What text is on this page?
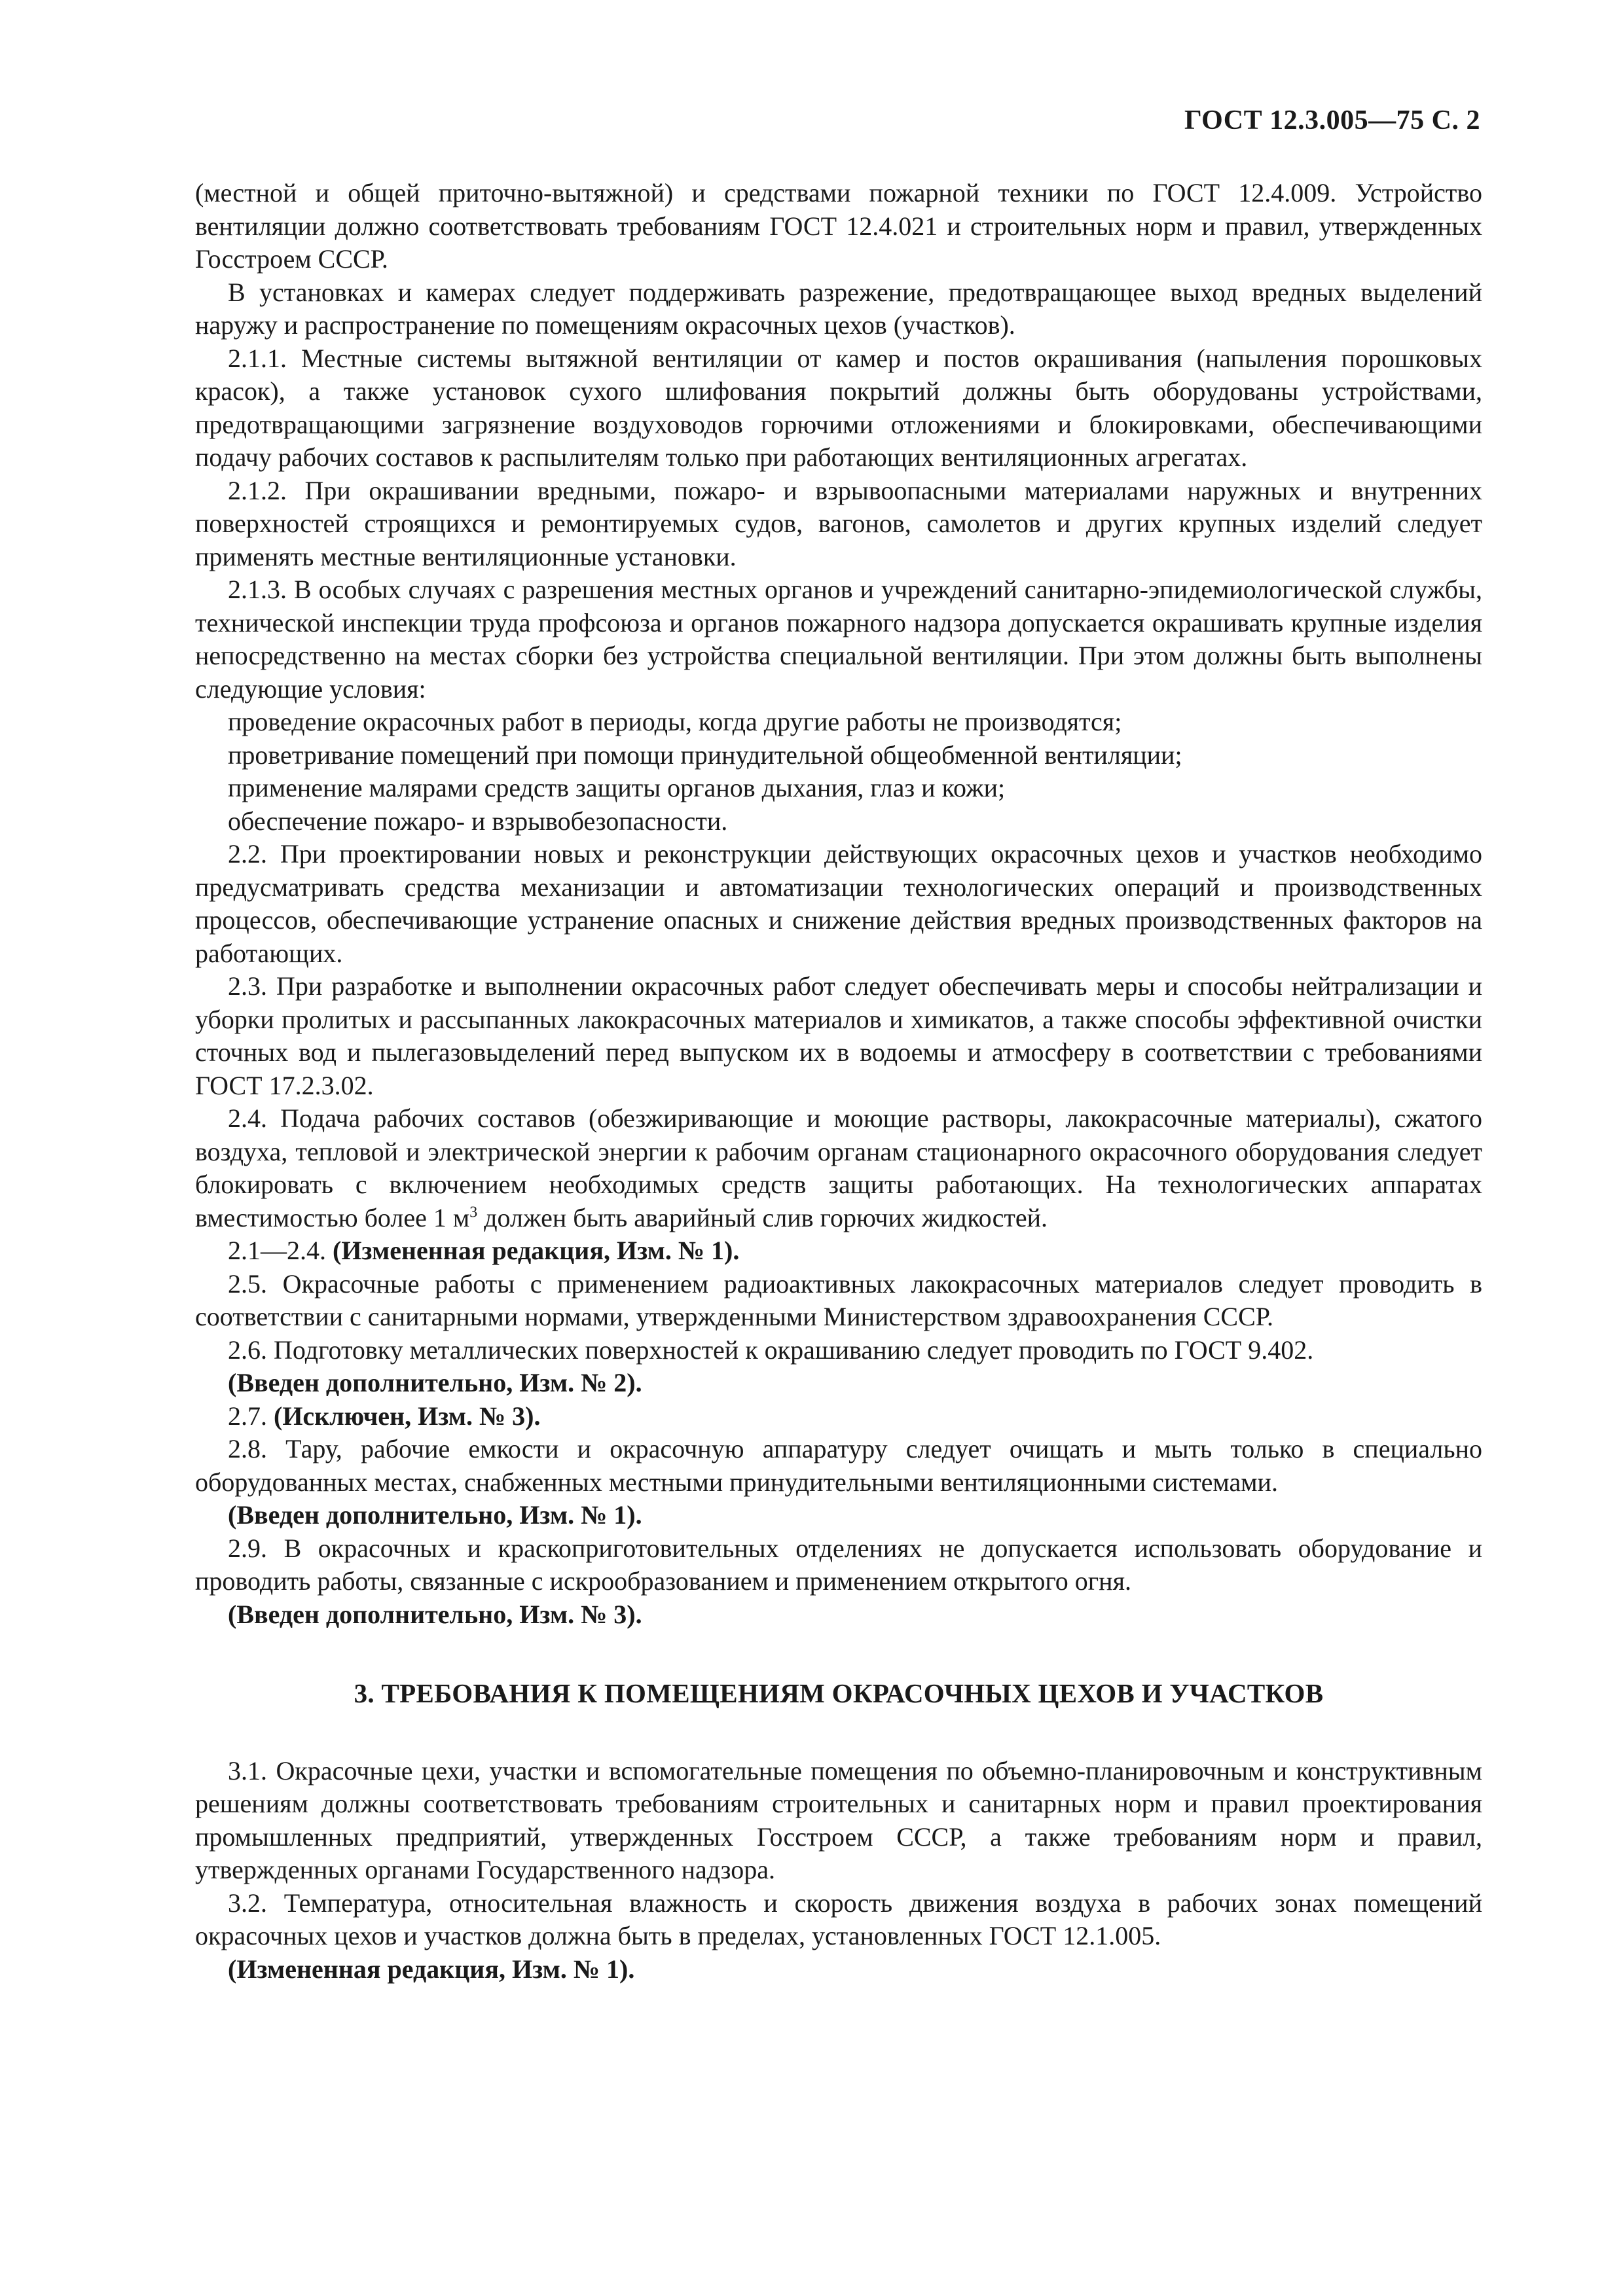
ГОСТ 12.3.005—75 С. 2

(местной и общей приточно-вытяжной) и средствами пожарной техники по ГОСТ 12.4.009. Устройство вентиляции должно соответствовать требованиям ГОСТ 12.4.021 и строительных норм и правил, утвержденных Госстроем СССР.

В установках и камерах следует поддерживать разрежение, предотвращающее выход вредных выделений наружу и распространение по помещениям окрасочных цехов (участков).

2.1.1. Местные системы вытяжной вентиляции от камер и постов окрашивания (напыления порошковых красок), а также установок сухого шлифования покрытий должны быть оборудованы устройствами, предотвращающими загрязнение воздуховодов горючими отложениями и блокировками, обеспечивающими подачу рабочих составов к распылителям только при работающих вентиляционных агрегатах.

2.1.2. При окрашивании вредными, пожаро- и взрывоопасными материалами наружных и внутренних поверхностей строящихся и ремонтируемых судов, вагонов, самолетов и других крупных изделий следует применять местные вентиляционные установки.

2.1.3. В особых случаях с разрешения местных органов и учреждений санитарно-эпидемиологической службы, технической инспекции труда профсоюза и органов пожарного надзора допускается окрашивать крупные изделия непосредственно на местах сборки без устройства специальной вентиляции. При этом должны быть выполнены следующие условия:

проведение окрасочных работ в периоды, когда другие работы не производятся;

проветривание помещений при помощи принудительной общеобменной вентиляции;

применение малярами средств защиты органов дыхания, глаз и кожи;

обеспечение пожаро- и взрывобезопасности.

2.2. При проектировании новых и реконструкции действующих окрасочных цехов и участков необходимо предусматривать средства механизации и автоматизации технологических операций и производственных процессов, обеспечивающие устранение опасных и снижение действия вредных производственных факторов на работающих.

2.3. При разработке и выполнении окрасочных работ следует обеспечивать меры и способы нейтрализации и уборки пролитых и рассыпанных лакокрасочных материалов и химикатов, а также способы эффективной очистки сточных вод и пылегазовыделений перед выпуском их в водоемы и атмосферу в соответствии с требованиями ГОСТ 17.2.3.02.

2.4. Подача рабочих составов (обезжиривающие и моющие растворы, лакокрасочные материалы), сжатого воздуха, тепловой и электрической энергии к рабочим органам стационарного окрасочного оборудования следует блокировать с включением необходимых средств защиты работающих. На технологических аппаратах вместимостью более 1 $м^3$ должен быть аварийный слив горючих жидкостей.

2.1—2.4. (Измененная редакция, Изм. № 1).

2.5. Окрасочные работы с применением радиоактивных лакокрасочных материалов следует проводить в соответствии с санитарными нормами, утвержденными Министерством здравоохранения СССР.

2.6. Подготовку металлических поверхностей к окрашиванию следует проводить по ГОСТ 9.402.

(Введен дополнительно, Изм. № 2).

2.7. (Исключен, Изм. № 3).

2.8. Тару, рабочие емкости и окрасочную аппаратуру следует очищать и мыть только в специально оборудованных местах, снабженных местными принудительными вентиляционными системами.

(Введен дополнительно, Изм. № 1).

2.9. В окрасочных и краскоприготовительных отделениях не допускается использовать оборудование и проводить работы, связанные с искрообразованием и применением открытого огня.

(Введен дополнительно, Изм. № 3).

3. ТРЕБОВАНИЯ К ПОМЕЩЕНИЯМ ОКРАСОЧНЫХ ЦЕХОВ И УЧАСТКОВ

3.1. Окрасочные цехи, участки и вспомогательные помещения по объемно-планировочным и конструктивным решениям должны соответствовать требованиям строительных и санитарных норм и правил проектирования промышленных предприятий, утвержденных Госстроем СССР, а также требованиям норм и правил, утвержденных органами Государственного надзора.

3.2. Температура, относительная влажность и скорость движения воздуха в рабочих зонах помещений окрасочных цехов и участков должна быть в пределах, установленных ГОСТ 12.1.005.

(Измененная редакция, Изм. № 1).
